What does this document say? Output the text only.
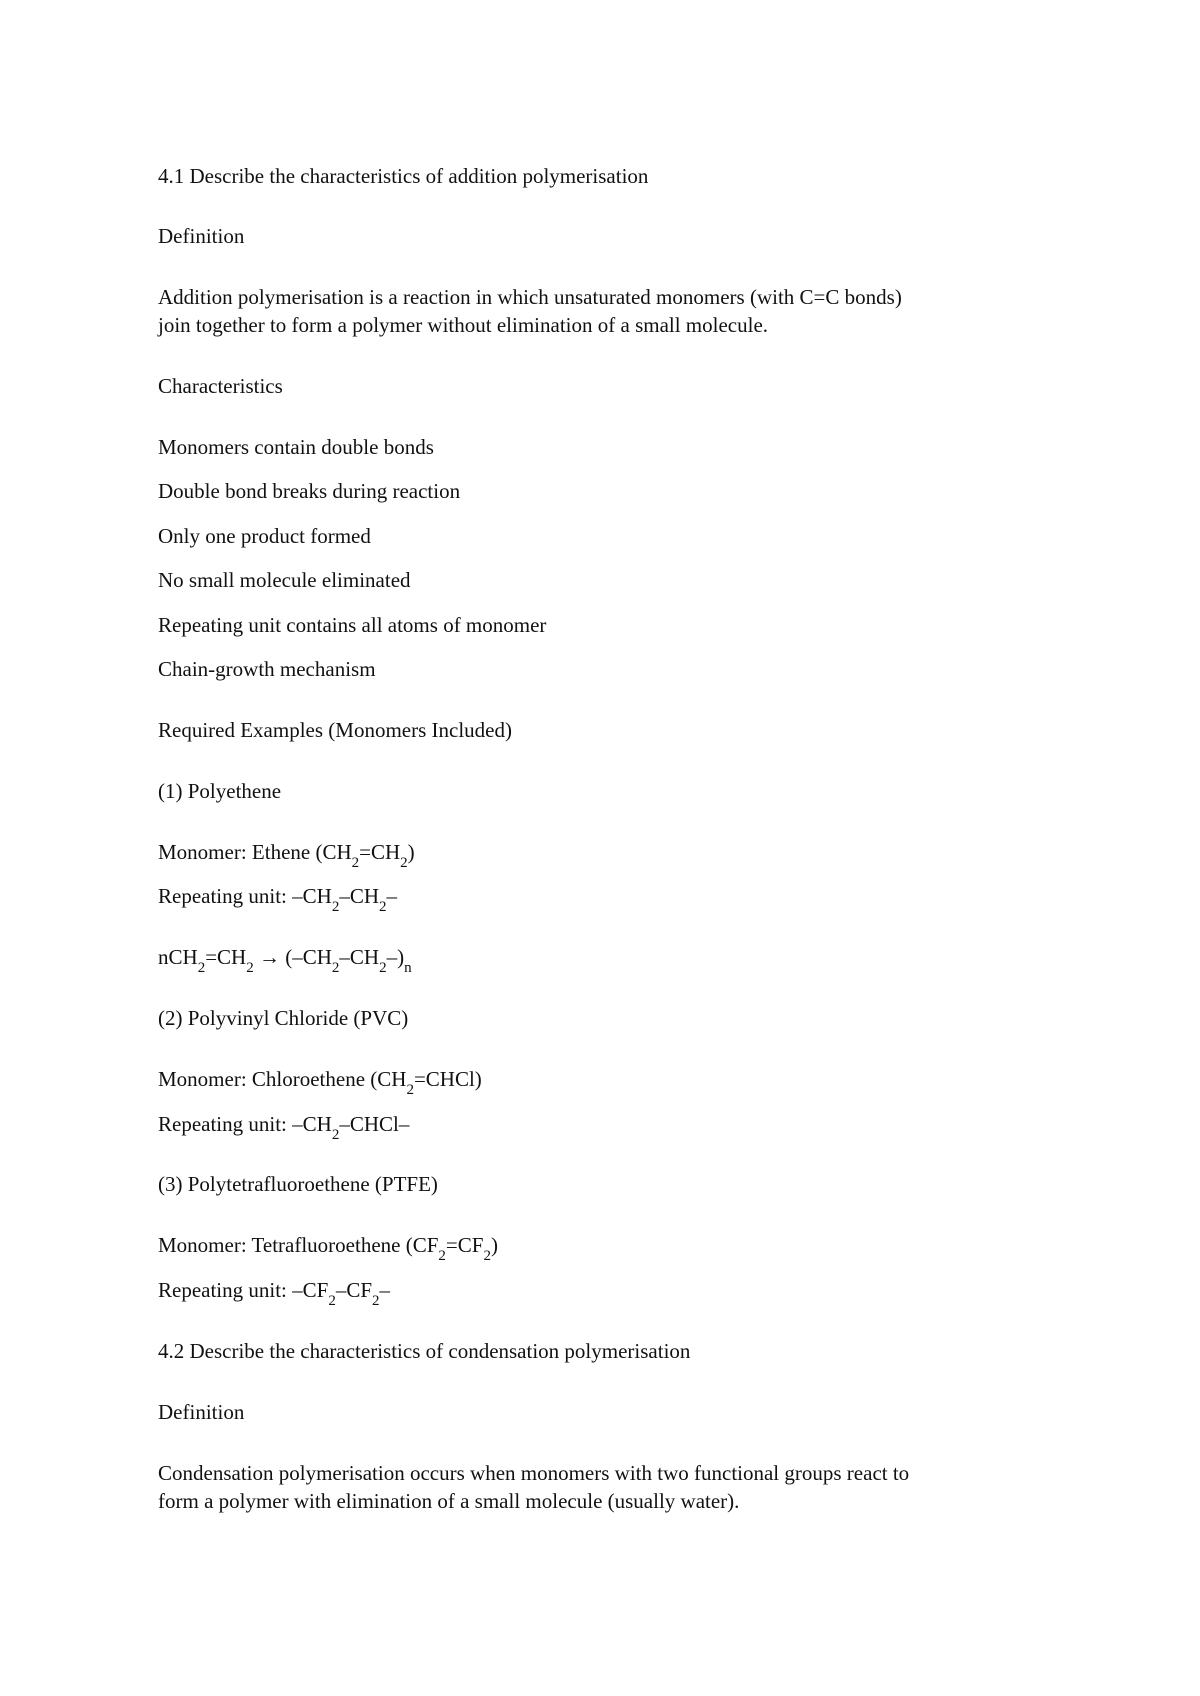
4.1 Describe the characteristics of addition polymerisation
Definition
Addition polymerisation is a reaction in which unsaturated monomers (with C=C bonds)
join together to form a polymer without elimination of a small molecule.
Characteristics
Monomers contain double bonds
Double bond breaks during reaction
Only one product formed
No small molecule eliminated
Repeating unit contains all atoms of monomer
Chain-growth mechanism
Required Examples (Monomers Included)
(1) Polyethene
Monomer: Ethene $(CH_2=CH_2)$
Repeating unit: $-CH_2-CH_2-$
$nCH_2=CH_2 \to (-CH_2-CH_2-)_n$
(2) Polyvinyl Chloride (PVC)
Monomer: Chloroethene $(CH_2=CHCl)$
Repeating unit: $-CH_2-CHCl-$
(3) Polytetrafluoroethene (PTFE)
Monomer: Tetrafluoroethene $(CF_2=CF_2)$
Repeating unit: $-CF_2-CF_2-$
4.2 Describe the characteristics of condensation polymerisation
Definition
Condensation polymerisation occurs when monomers with two functional groups react to
form a polymer with elimination of a small molecule (usually water).
